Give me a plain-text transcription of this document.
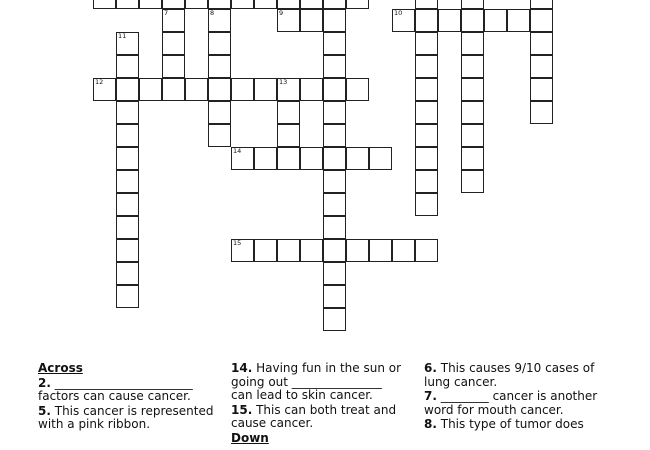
7	8	9	10
11
12	13
14
15
Across
2. _______________________ factors can cause cancer.
5. This cancer is represented with a pink ribbon.
14. Having fun in the sun or going out _______________ can lead to skin cancer.
15. This can both treat and cause cancer.
Down
6. This causes 9/10 cases of lung cancer.
7. ________ cancer is another word for mouth cancer.
8. This type of tumor does
